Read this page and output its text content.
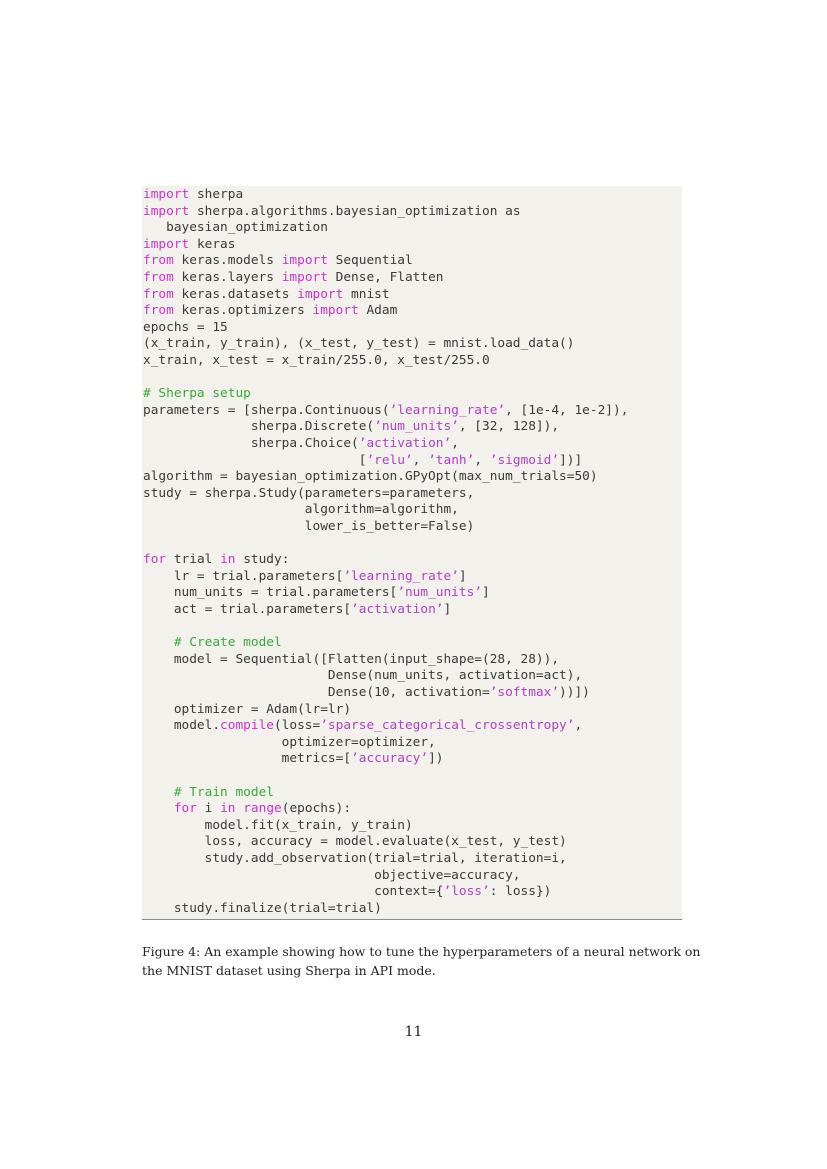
import sherpa
import sherpa.algorithms.bayesian_optimization as
bayesian_optimization
import keras
from keras.models import Sequential
from keras.layers import Dense, Flatten
from keras.datasets import mnist
from keras.optimizers import Adam
epochs = 15
(x_train, y_train), (x_test, y_test) = mnist.load_data()
x_train, x_test = x_train/255.0, x_test/255.0
# Sherpa setup
parameters = [sherpa.Continuous(’learning_rate’, [1e-4, 1e-2]),
sherpa.Discrete(’num_units’, [32, 128]),
sherpa.Choice(’activation’,
[’relu’, ’tanh’, ’sigmoid’])]
algorithm = bayesian_optimization.GPyOpt(max_num_trials=50)
study = sherpa.Study(parameters=parameters,
algorithm=algorithm,
lower_is_better=False)
for trial in study:
lr = trial.parameters[’learning_rate’]
num_units = trial.parameters[’num_units’]
act = trial.parameters[’activation’]
# Create model
model = Sequential([Flatten(input_shape=(28, 28)),
Dense(num_units, activation=act),
Dense(10, activation=’softmax’))])
optimizer = Adam(lr=lr)
model.compile(loss=’sparse_categorical_crossentropy’,
optimizer=optimizer,
metrics=[’accuracy’])
# Train model
for i in range(epochs):
model.fit(x_train, y_train)
loss, accuracy = model.evaluate(x_test, y_test)
study.add_observation(trial=trial, iteration=i,
objective=accuracy,
context={’loss’: loss})
study.finalize(trial=trial)
Figure 4: An example showing how to tune the hyperparameters of a neural network on
the MNIST dataset using Sherpa in API mode.
11
